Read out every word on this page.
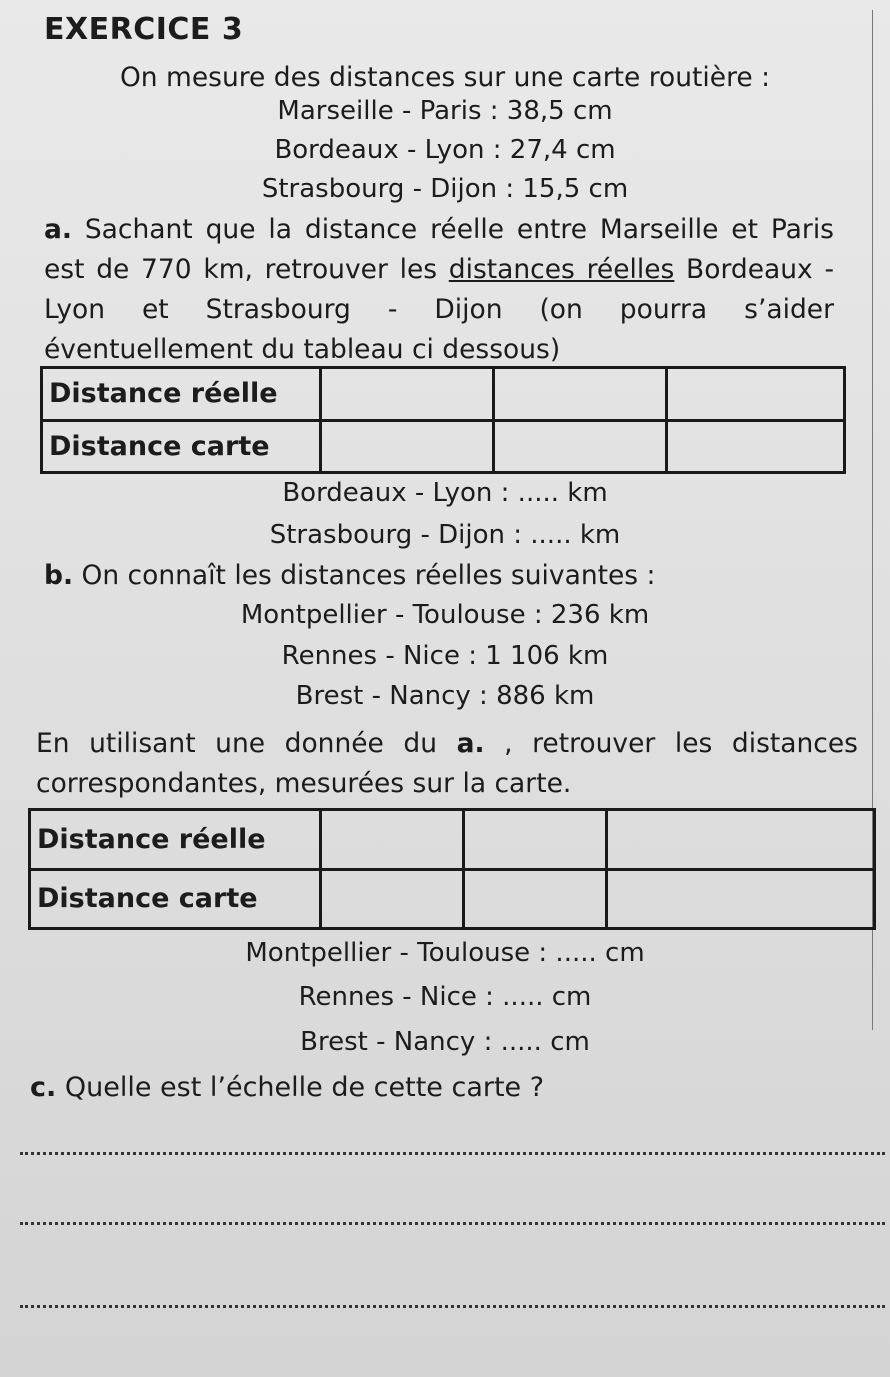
EXERCICE 3
On mesure des distances sur une carte routière :
Marseille - Paris : 38,5 cm
Bordeaux - Lyon : 27,4 cm
Strasbourg - Dijon : 15,5 cm
a. Sachant que la distance réelle entre Marseille et Paris est de 770 km, retrouver les distances réelles Bordeaux - Lyon et Strasbourg - Dijon (on pourra s’aider éventuellement du tableau ci dessous)
Distance réelle			
Distance carte			
Bordeaux - Lyon : ..... km
Strasbourg - Dijon : ..... km
b. On connaît les distances réelles suivantes :
Montpellier - Toulouse : 236 km
Rennes - Nice : 1 106 km
Brest - Nancy : 886 km
En utilisant une donnée du a. , retrouver les distances correspondantes, mesurées sur la carte.
Distance réelle			
Distance carte			
Montpellier - Toulouse : ..... cm
Rennes - Nice : ..... cm
Brest - Nancy : ..... cm
c. Quelle est l’échelle de cette carte ?
